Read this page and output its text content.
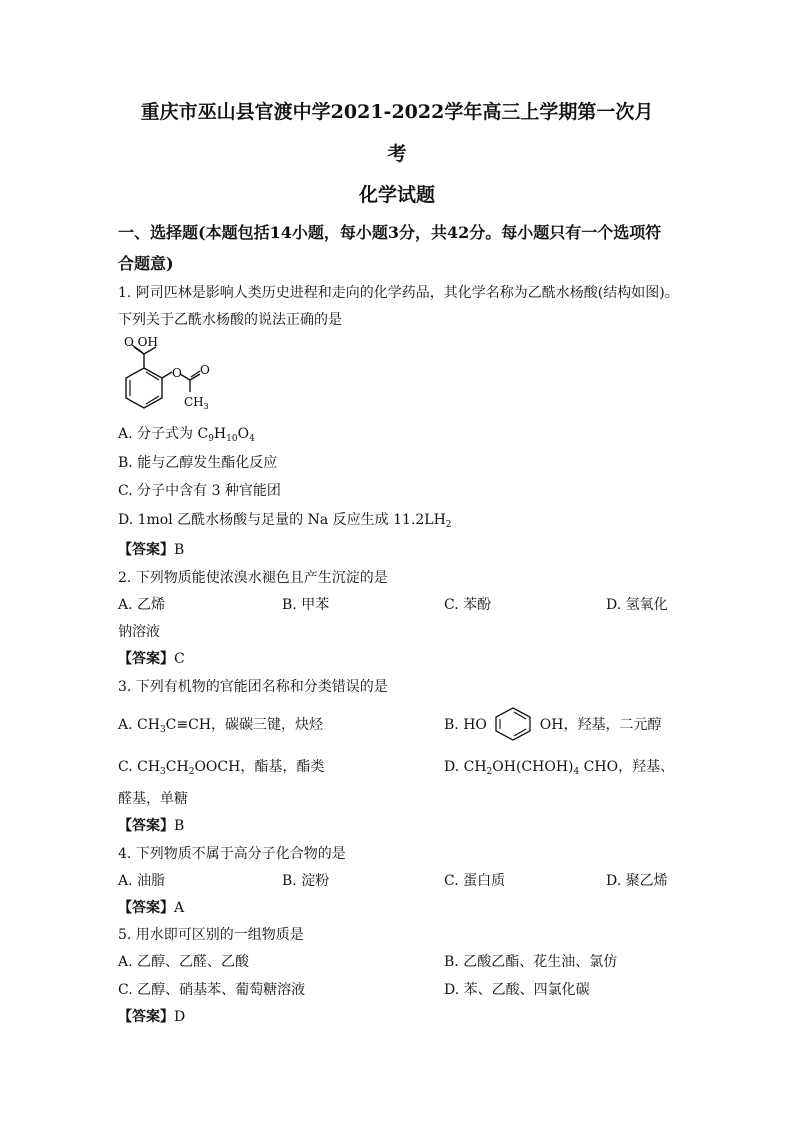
重庆市巫山县官渡中学2021-2022学年高三上学期第一次月
考
化学试题
一、选择题(本题包括14小题，每小题3分，共42分。每小题只有一个选项符
合题意)
1. 阿司匹林是影响人类历史进程和走向的化学药品，其化学名称为乙酰水杨酸(结构如图)。
下列关于乙酰水杨酸的说法正确的是
O OH
O O
$CH_3$
A. 分子式为 $C_9H_{10}O_4$
B. 能与乙醇发生酯化反应
C. 分子中含有 3 种官能团
D. 1mol 乙酰水杨酸与足量的 Na 反应生成 $11.2LH_2$
【答案】B
2. 下列物质能使浓溴水褪色且产生沉淀的是
A. 乙烯	B. 甲苯	C. 苯酚	D. 氢氧化
钠溶液
【答案】C
3. 下列有机物的官能团名称和分类错误的是
A. $CH_3C\equiv CH$，碳碳三键，炔烃	B. HO	OH，羟基，二元醇
C. $CH_3CH_2OOCH$，酯基，酯类	D. $CH_2OH(CHOH)_4$ CHO，羟基、
醛基，单糖
【答案】B
4. 下列物质不属于高分子化合物的是
A. 油脂	B. 淀粉	C. 蛋白质	D. 聚乙烯
【答案】A
5. 用水即可区别的一组物质是
A. 乙醇、乙醛、乙酸	B. 乙酸乙酯、花生油、氯仿
C. 乙醇、硝基苯、葡萄糖溶液	D. 苯、乙酸、四氯化碳
【答案】D
